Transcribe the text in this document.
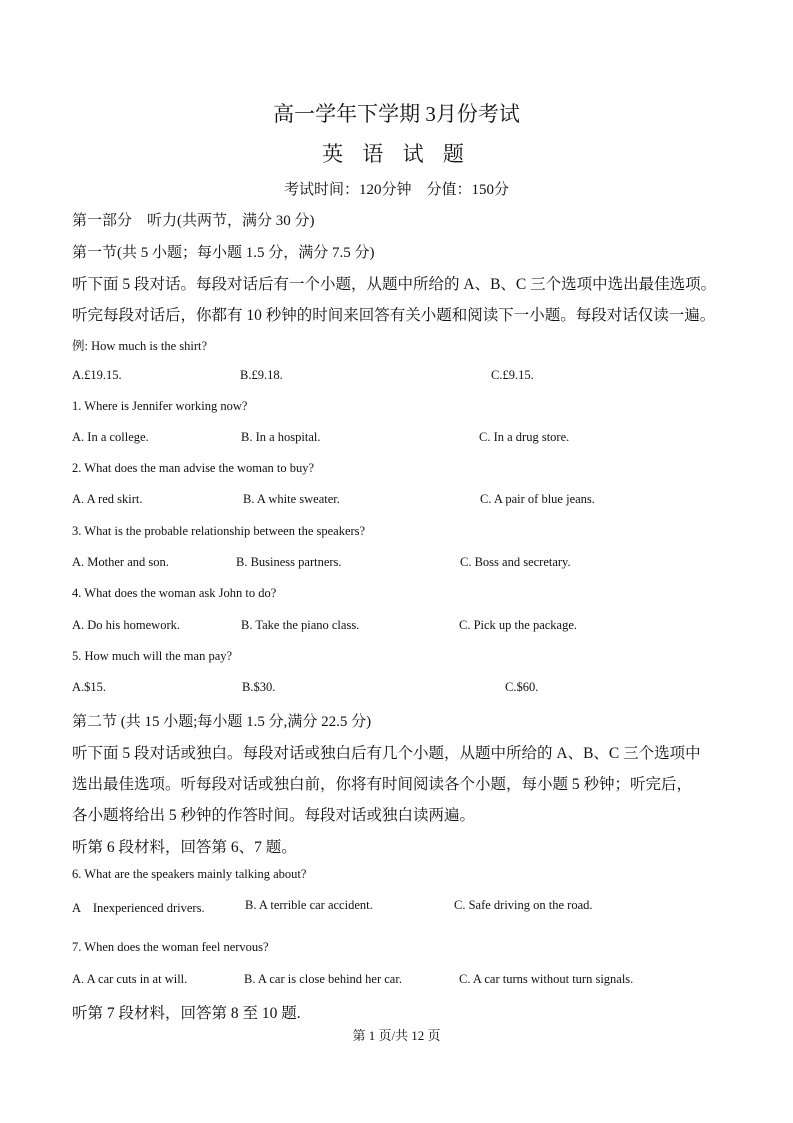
高一学年下学期 3月份考试
英 语 试 题
考试时间：120分钟　分值：150分
第一部分　听力(共两节，满分 30 分)
第一节(共 5 小题；每小题 1.5 分，满分 7.5 分)
听下面 5 段对话。每段对话后有一个小题，从题中所给的 A、B、C 三个选项中选出最佳选项。
听完每段对话后，你都有 10 秒钟的时间来回答有关小题和阅读下一小题。每段对话仅读一遍。
例: How much is the shirt?
A.£19.15.	B.£9.18.	C.£9.15.
1. Where is Jennifer working now?
A. In a college.	B. In a hospital.	C. In a drug store.
2. What does the man advise the woman to buy?
A. A red skirt.	B. A white sweater.	C. A pair of blue jeans.
3. What is the probable relationship between the speakers?
A. Mother and son.	B. Business partners.	C. Boss and secretary.
4. What does the woman ask John to do?
A. Do his homework.	B. Take the piano class.	C. Pick up the package.
5. How much will the man pay?
A.$15.	B.$30.	C.$60.
第二节 (共 15 小题;每小题 1.5 分,满分 22.5 分)
听下面 5 段对话或独白。每段对话或独白后有几个小题，从题中所给的 A、B、C 三个选项中
选出最佳选项。听每段对话或独白前，你将有时间阅读各个小题，每小题 5 秒钟；听完后，
各小题将给出 5 秒钟的作答时间。每段对话或独白读两遍。
听第 6 段材料，回答第 6、7 题。
6. What are the speakers mainly talking about?
A　Inexperienced drivers.	B. A terrible car accident.	C. Safe driving on the road.
7. When does the woman feel nervous?
A. A car cuts in at will.	B. A car is close behind her car.	C. A car turns without turn signals.
听第 7 段材料，回答第 8 至 10 题.
第 1 页/共 12 页
